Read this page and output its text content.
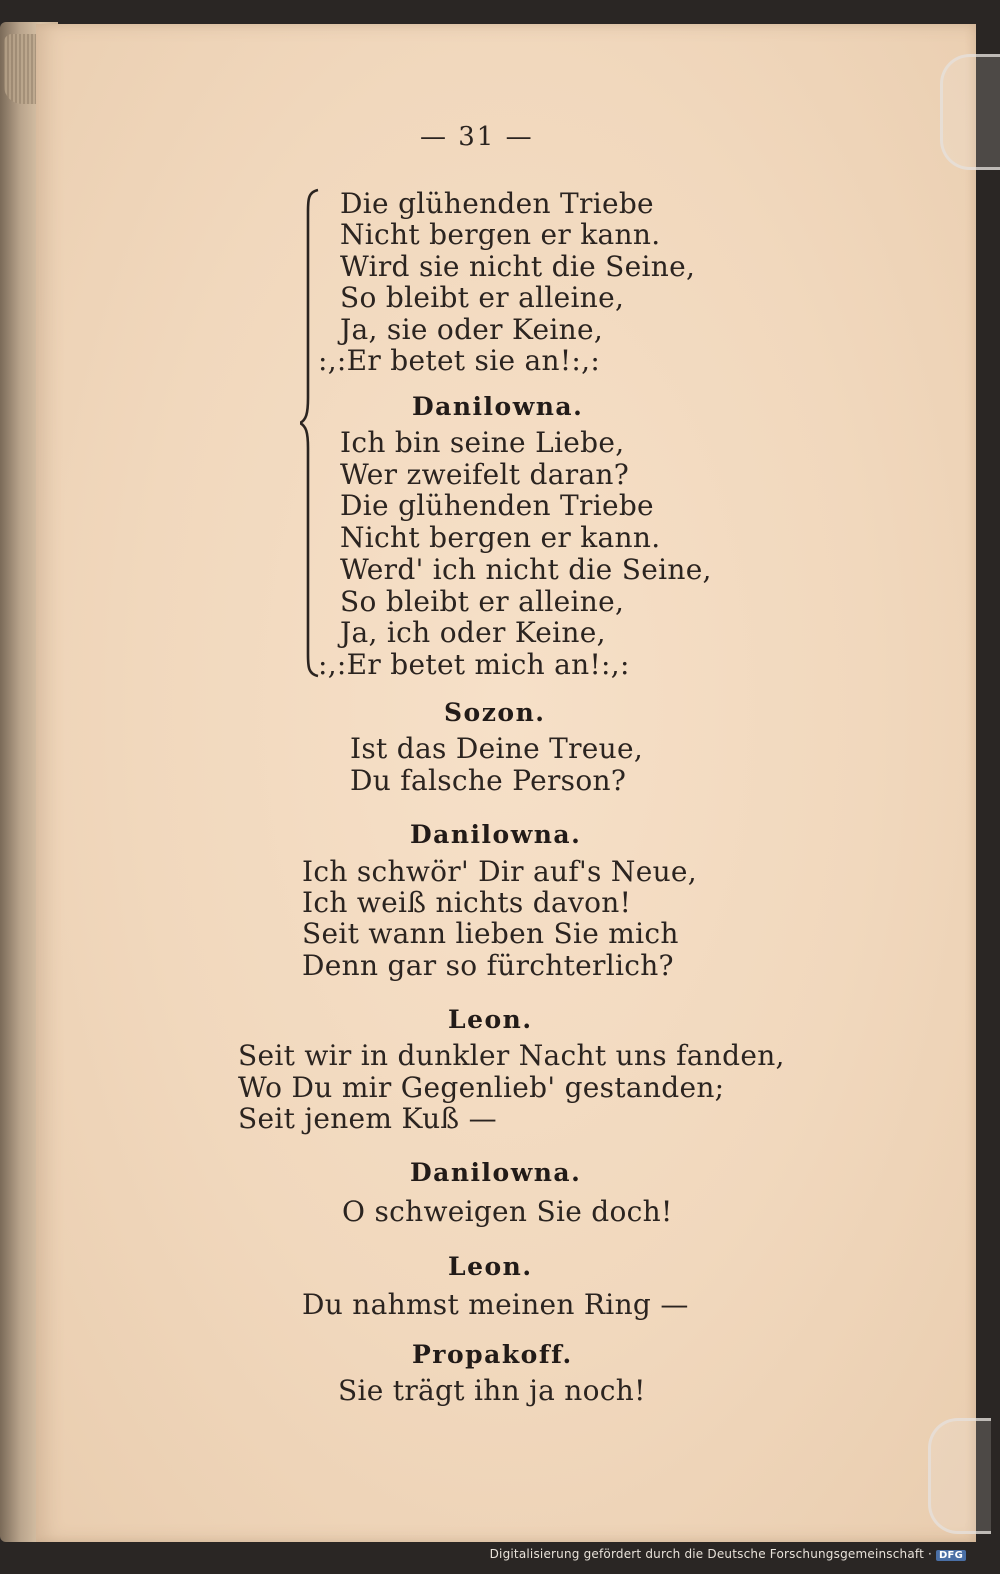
— 31 —
Die glühenden Triebe
Nicht bergen er kann.
Wird sie nicht die Seine,
So bleibt er alleine,
Ja, sie oder Keine,
:,:Er betet sie an!:,:
Danilowna.
Ich bin seine Liebe,
Wer zweifelt daran?
Die glühenden Triebe
Nicht bergen er kann.
Werd' ich nicht die Seine,
So bleibt er alleine,
Ja, ich oder Keine,
:,:Er betet mich an!:,:
Sozon.
Ist das Deine Treue,
Du falsche Person?
Danilowna.
Ich schwör' Dir auf's Neue,
Ich weiß nichts davon!
Seit wann lieben Sie mich
Denn gar so fürchterlich?
Leon.
Seit wir in dunkler Nacht uns fanden,
Wo Du mir Gegenlieb' gestanden;
Seit jenem Kuß —
Danilowna.
O schweigen Sie doch!
Leon.
Du nahmst meinen Ring —
Propakoff.
Sie trägt ihn ja noch!
Digitalisierung gefördert durch die Deutsche Forschungsgemeinschaft · DFG
